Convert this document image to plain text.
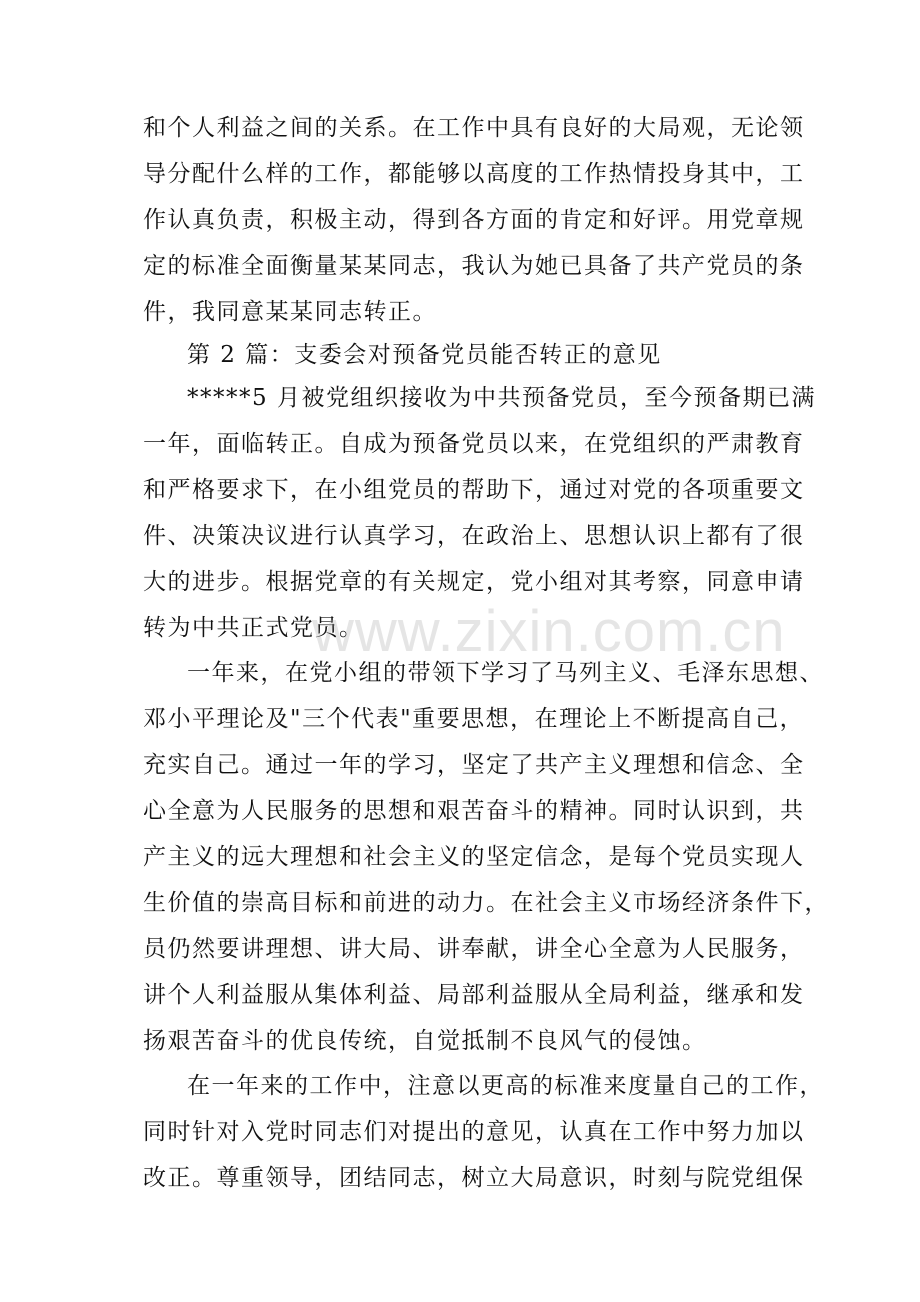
和个人利益之间的关系。在工作中具有良好的大局观，无论领
导分配什么样的工作，都能够以高度的工作热情投身其中，工
作认真负责，积极主动，得到各方面的肯定和好评。用党章规
定的标准全面衡量某某同志，我认为她已具备了共产党员的条
件，我同意某某同志转正。
第 2 篇：支委会对预备党员能否转正的意见
*****5 月被党组织接收为中共预备党员，至今预备期已满
一年，面临转正。自成为预备党员以来，在党组织的严肃教育
和严格要求下，在小组党员的帮助下，通过对党的各项重要文
件、决策决议进行认真学习，在政治上、思想认识上都有了很
大的进步。根据党章的有关规定，党小组对其考察，同意申请
转为中共正式党员。
一年来，在党小组的带领下学习了马列主义、毛泽东思想、
邓小平理论及"三个代表"重要思想，在理论上不断提高自己，
充实自己。通过一年的学习，坚定了共产主义理想和信念、全
心全意为人民服务的思想和艰苦奋斗的精神。同时认识到，共
产主义的远大理想和社会主义的坚定信念，是每个党员实现人
生价值的崇高目标和前进的动力。在社会主义市场经济条件下，
员仍然要讲理想、讲大局、讲奉献，讲全心全意为人民服务，
讲个人利益服从集体利益、局部利益服从全局利益，继承和发
扬艰苦奋斗的优良传统，自觉抵制不良风气的侵蚀。
在一年来的工作中，注意以更高的标准来度量自己的工作，
同时针对入党时同志们对提出的意见，认真在工作中努力加以
改正。尊重领导，团结同志，树立大局意识，时刻与院党组保
www.zixin.com.cn
